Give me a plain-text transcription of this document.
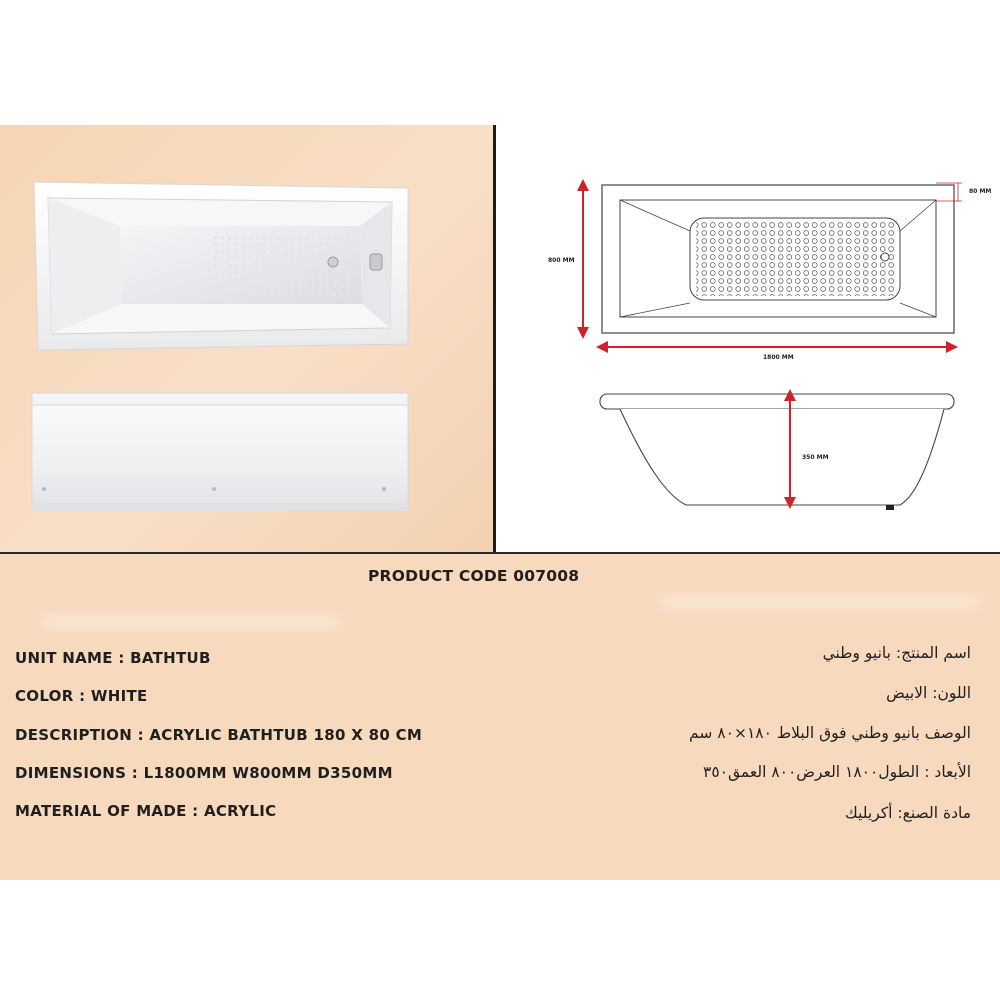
80 MM
800 MM
1800 MM
350 MM
PRODUCT CODE 007008
UNIT NAME : BATHTUB
COLOR : WHITE
DESCRIPTION : ACRYLIC BATHTUB 180 X 80 CM
DIMENSIONS : L1800MM W800MM D350MM
MATERIAL OF MADE : ACRYLIC
اسم المنتج: بانيو وطني
اللون: الابيض
الوصف بانيو وطني فوق البلاط ١٨٠×٨٠ سم
الأبعاد : الطول١٨٠٠ العرض٨٠٠ العمق٣٥٠
مادة الصنع: أكريليك
